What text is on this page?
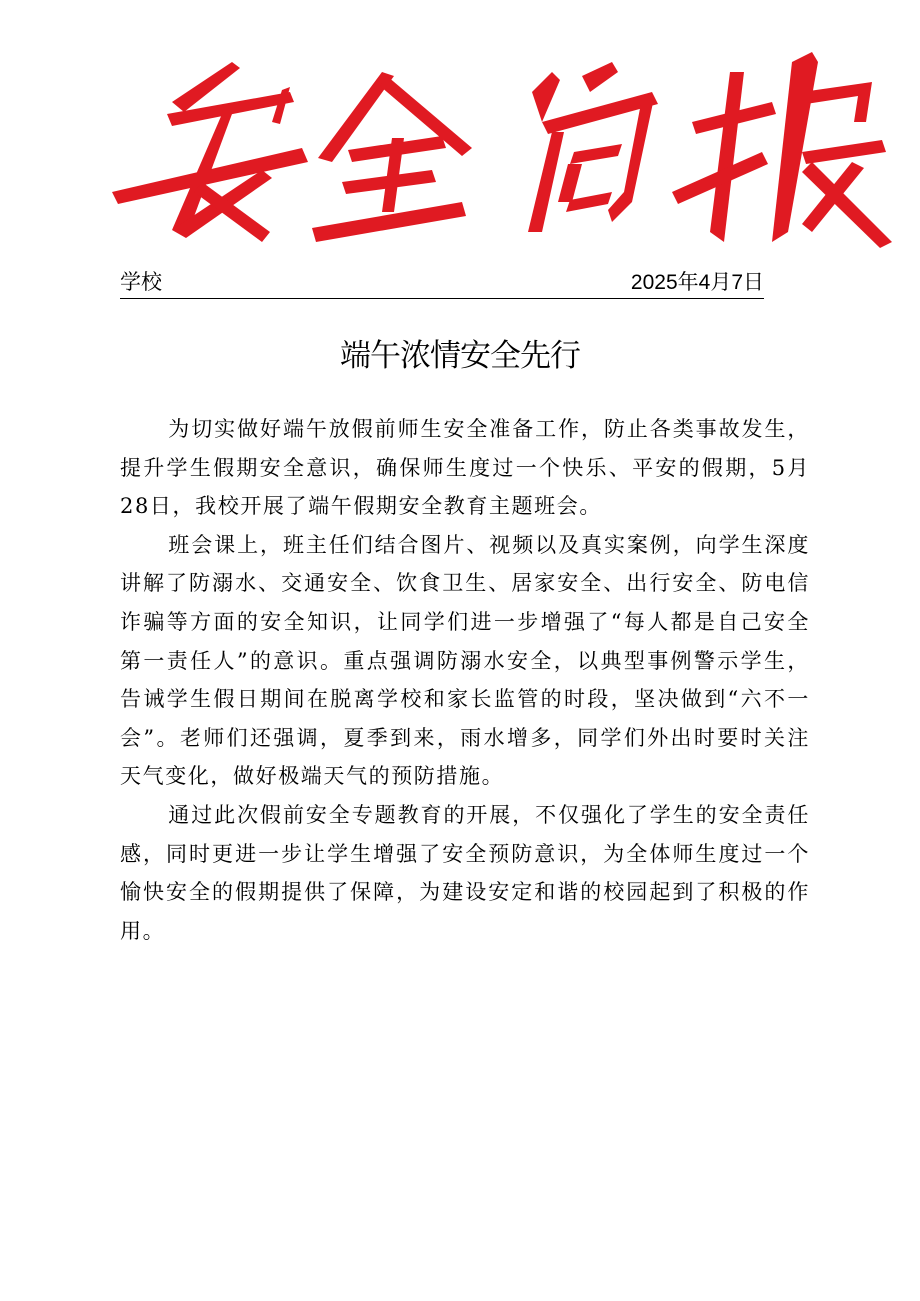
学校	2025年4月7日
端午浓情安全先行

为切实做好端午放假前师生安全准备工作，防止各类事故发生，提升学生假期安全意识，确保师生度过一个快乐、平安的假期，5月28日，我校开展了端午假期安全教育主题班会。

班会课上，班主任们结合图片、视频以及真实案例，向学生深度讲解了防溺水、交通安全、饮食卫生、居家安全、出行安全、防电信诈骗等方面的安全知识，让同学们进一步增强了“每人都是自己安全第一责任人”的意识。重点强调防溺水安全，以典型事例警示学生，告诫学生假日期间在脱离学校和家长监管的时段，坚决做到“六不一会”。老师们还强调，夏季到来，雨水增多，同学们外出时要时关注天气变化，做好极端天气的预防措施。

通过此次假前安全专题教育的开展，不仅强化了学生的安全责任感，同时更进一步让学生增强了安全预防意识，为全体师生度过一个愉快安全的假期提供了保障，为建设安定和谐的校园起到了积极的作用。
